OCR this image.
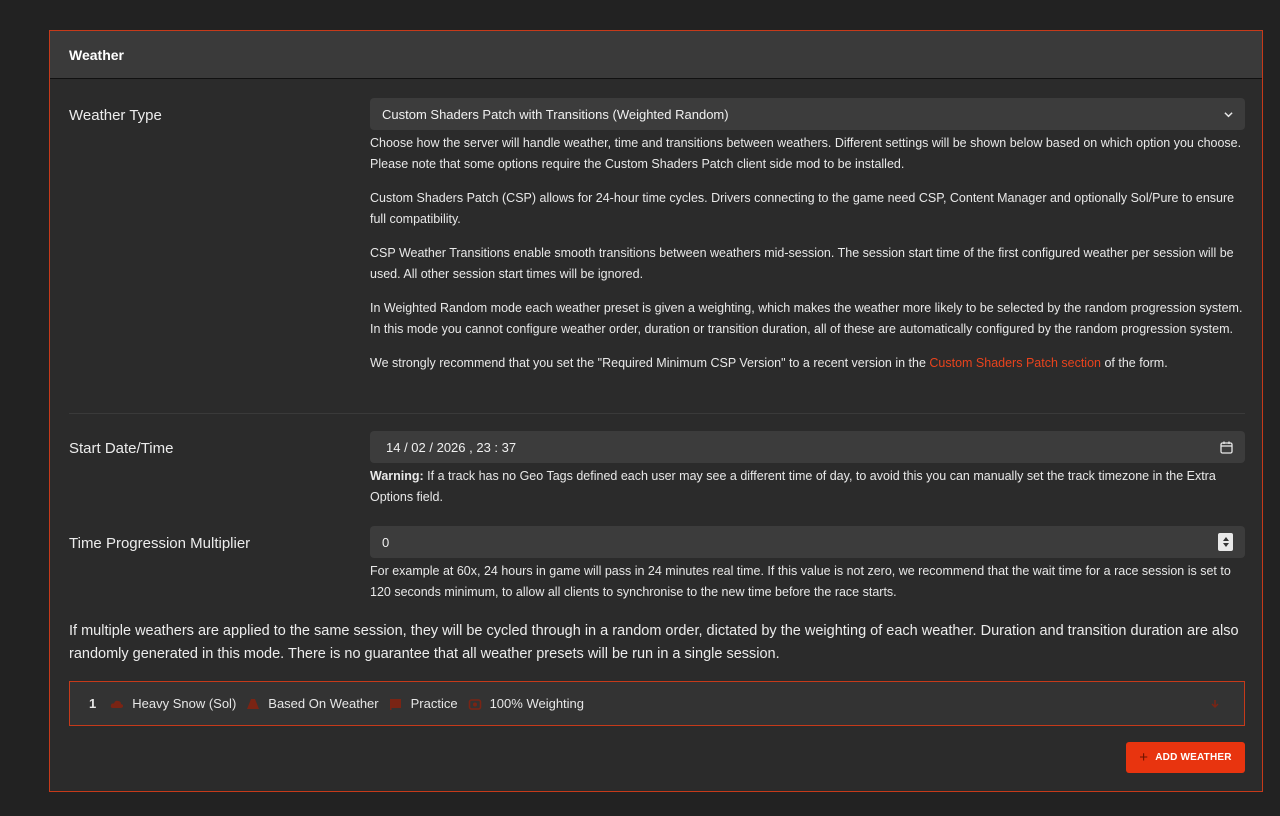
Weather
Weather Type	Custom Shaders Patch with Transitions (Weighted Random)

Choose how the server will handle weather, time and transitions between weathers. Different settings will be shown below based on which option you choose. Please note that some options require the Custom Shaders Patch client side mod to be installed.

Custom Shaders Patch (CSP) allows for 24-hour time cycles. Drivers connecting to the game need CSP, Content Manager and optionally Sol/Pure to ensure full compatibility.

CSP Weather Transitions enable smooth transitions between weathers mid-session. The session start time of the first configured weather per session will be used. All other session start times will be ignored.

In Weighted Random mode each weather preset is given a weighting, which makes the weather more likely to be selected by the random progression system. In this mode you cannot configure weather order, duration or transition duration, all of these are automatically configured by the random progression system.

We strongly recommend that you set the "Required Minimum CSP Version" to a recent version in the Custom Shaders Patch section of the form.

Start Date/Time	14 / 02 / 2026 , 23 : 37
Warning: If a track has no Geo Tags defined each user may see a different time of day, to avoid this you can manually set the track timezone in the Extra Options field.
Time Progression Multiplier	0
For example at 60x, 24 hours in game will pass in 24 minutes real time. If this value is not zero, we recommend that the wait time for a race session is set to 120 seconds minimum, to allow all clients to synchronise to the new time before the race starts.
If multiple weathers are applied to the same session, they will be cycled through in a random order, dictated by the weighting of each weather. Duration and transition duration are also randomly generated in this mode. There is no guarantee that all weather presets will be run in a single session.
1	Heavy Snow (Sol) Based On Weather Practice 100% Weighting
+ ADD WEATHER
